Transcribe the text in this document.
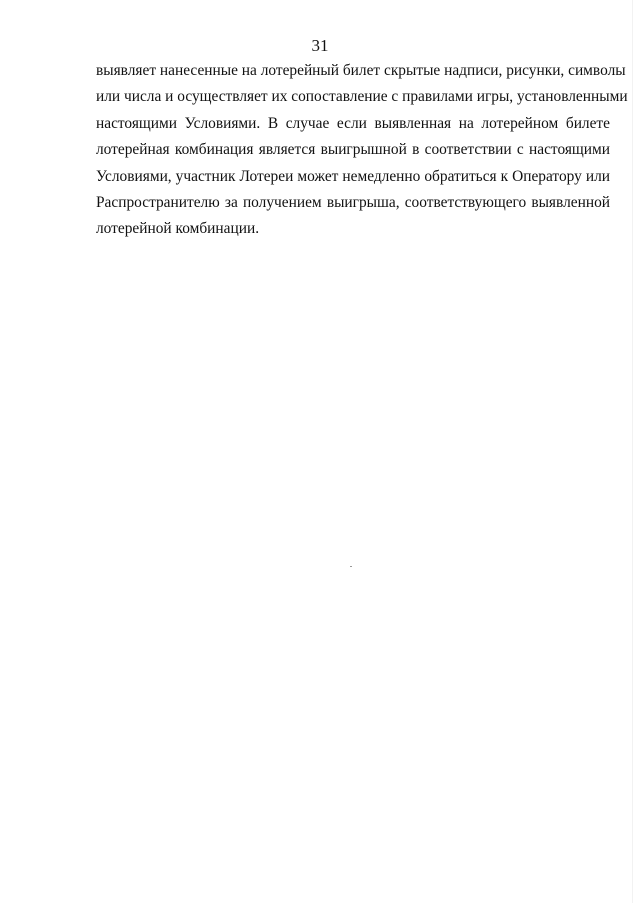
31
выявляет нанесенные на лотерейный билет скрытые надписи, рисунки, символы
или числа и осуществляет их сопоставление с правилами игры, установленными
настоящими Условиями. В случае если выявленная на лотерейном билете
лотерейная комбинация является выигрышной в соответствии с настоящими
Условиями, участник Лотереи может немедленно обратиться к Оператору или
Распространителю за получением выигрыша, соответствующего выявленной
лотерейной комбинации.
